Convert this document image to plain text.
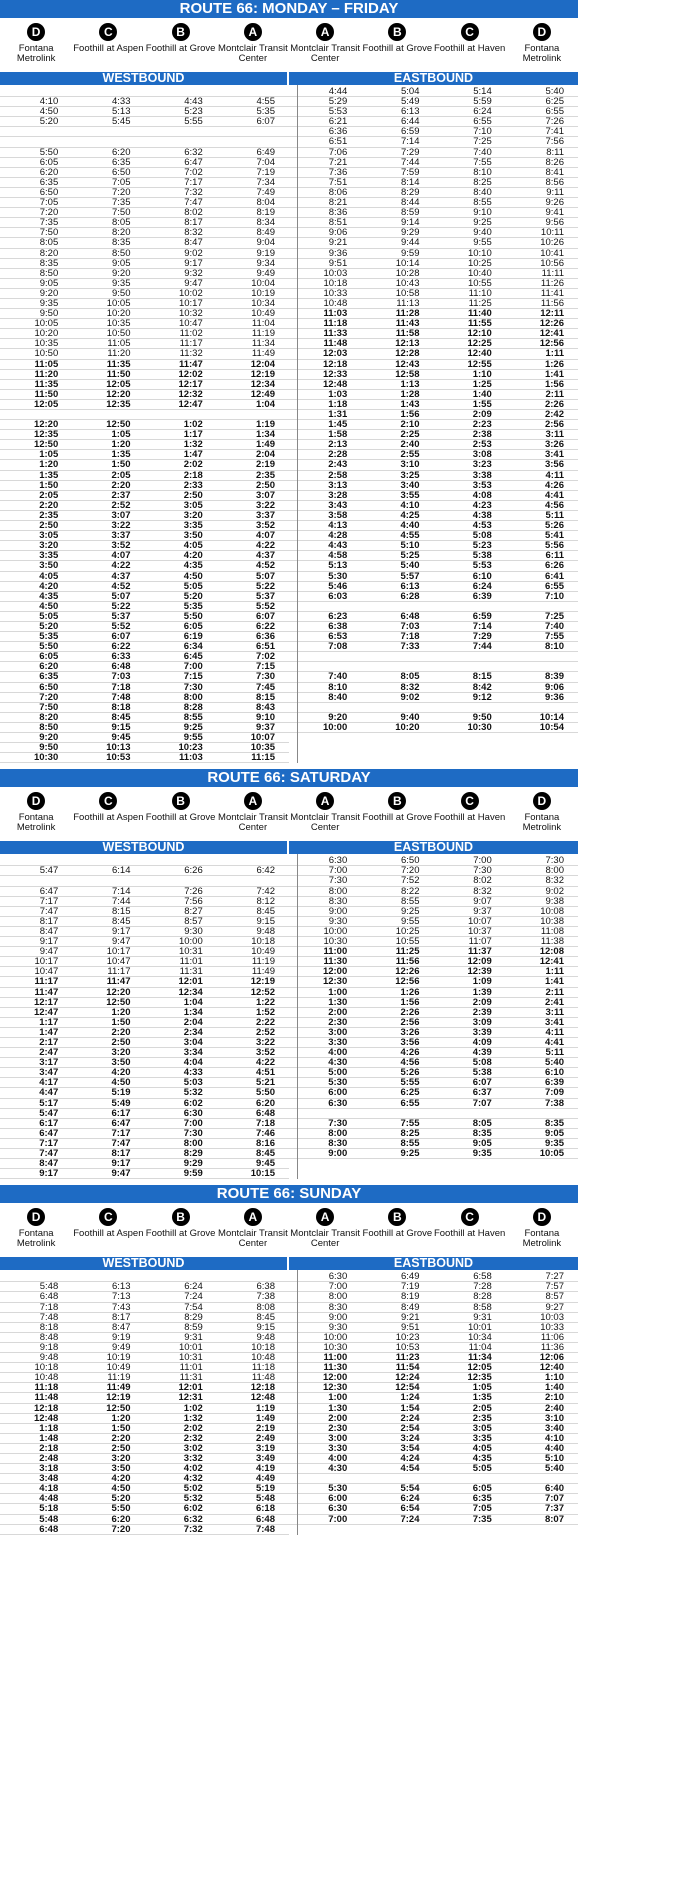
ROUTE 66: MONDAY – FRIDAY
D
Fontana Metrolink
C
Foothill at Aspen
B
Foothill at Grove
A
Montclair Transit Center
A
Montclair Transit Center
B
Foothill at Grove
C
Foothill at Haven
D
Fontana Metrolink
WESTBOUND	EASTBOUND
4:10	4:33	4:43	4:55
4:50	5:13	5:23	5:35
5:20	5:45	5:55	6:07
5:50	6:20	6:32	6:49
6:05	6:35	6:47	7:04
6:20	6:50	7:02	7:19
6:35	7:05	7:17	7:34
6:50	7:20	7:32	7:49
7:05	7:35	7:47	8:04
7:20	7:50	8:02	8:19
7:35	8:05	8:17	8:34
7:50	8:20	8:32	8:49
8:05	8:35	8:47	9:04
8:20	8:50	9:02	9:19
8:35	9:05	9:17	9:34
8:50	9:20	9:32	9:49
9:05	9:35	9:47	10:04
9:20	9:50	10:02	10:19
9:35	10:05	10:17	10:34
9:50	10:20	10:32	10:49
10:05	10:35	10:47	11:04
10:20	10:50	11:02	11:19
10:35	11:05	11:17	11:34
10:50	11:20	11:32	11:49
11:05	11:35	11:47	12:04
11:20	11:50	12:02	12:19
11:35	12:05	12:17	12:34
11:50	12:20	12:32	12:49
12:05	12:35	12:47	1:04
12:20	12:50	1:02	1:19
12:35	1:05	1:17	1:34
12:50	1:20	1:32	1:49
1:05	1:35	1:47	2:04
1:20	1:50	2:02	2:19
1:35	2:05	2:18	2:35
1:50	2:20	2:33	2:50
2:05	2:37	2:50	3:07
2:20	2:52	3:05	3:22
2:35	3:07	3:20	3:37
2:50	3:22	3:35	3:52
3:05	3:37	3:50	4:07
3:20	3:52	4:05	4:22
3:35	4:07	4:20	4:37
3:50	4:22	4:35	4:52
4:05	4:37	4:50	5:07
4:20	4:52	5:05	5:22
4:35	5:07	5:20	5:37
4:50	5:22	5:35	5:52
5:05	5:37	5:50	6:07
5:20	5:52	6:05	6:22
5:35	6:07	6:19	6:36
5:50	6:22	6:34	6:51
6:05	6:33	6:45	7:02
6:20	6:48	7:00	7:15
6:35	7:03	7:15	7:30
6:50	7:18	7:30	7:45
7:20	7:48	8:00	8:15
7:50	8:18	8:28	8:43
8:20	8:45	8:55	9:10
8:50	9:15	9:25	9:37
9:20	9:45	9:55	10:07
9:50	10:13	10:23	10:35
10:30	10:53	11:03	11:15
4:44	5:04	5:14	5:40
5:29	5:49	5:59	6:25
5:53	6:13	6:24	6:55
6:21	6:44	6:55	7:26
6:36	6:59	7:10	7:41
6:51	7:14	7:25	7:56
7:06	7:29	7:40	8:11
7:21	7:44	7:55	8:26
7:36	7:59	8:10	8:41
7:51	8:14	8:25	8:56
8:06	8:29	8:40	9:11
8:21	8:44	8:55	9:26
8:36	8:59	9:10	9:41
8:51	9:14	9:25	9:56
9:06	9:29	9:40	10:11
9:21	9:44	9:55	10:26
9:36	9:59	10:10	10:41
9:51	10:14	10:25	10:56
10:03	10:28	10:40	11:11
10:18	10:43	10:55	11:26
10:33	10:58	11:10	11:41
10:48	11:13	11:25	11:56
11:03	11:28	11:40	12:11
11:18	11:43	11:55	12:26
11:33	11:58	12:10	12:41
11:48	12:13	12:25	12:56
12:03	12:28	12:40	1:11
12:18	12:43	12:55	1:26
12:33	12:58	1:10	1:41
12:48	1:13	1:25	1:56
1:03	1:28	1:40	2:11
1:18	1:43	1:55	2:26
1:31	1:56	2:09	2:42
1:45	2:10	2:23	2:56
1:58	2:25	2:38	3:11
2:13	2:40	2:53	3:26
2:28	2:55	3:08	3:41
2:43	3:10	3:23	3:56
2:58	3:25	3:38	4:11
3:13	3:40	3:53	4:26
3:28	3:55	4:08	4:41
3:43	4:10	4:23	4:56
3:58	4:25	4:38	5:11
4:13	4:40	4:53	5:26
4:28	4:55	5:08	5:41
4:43	5:10	5:23	5:56
4:58	5:25	5:38	6:11
5:13	5:40	5:53	6:26
5:30	5:57	6:10	6:41
5:46	6:13	6:24	6:55
6:03	6:28	6:39	7:10
6:23	6:48	6:59	7:25
6:38	7:03	7:14	7:40
6:53	7:18	7:29	7:55
7:08	7:33	7:44	8:10
7:40	8:05	8:15	8:39
8:10	8:32	8:42	9:06
8:40	9:02	9:12	9:36
9:20	9:40	9:50	10:14
10:00	10:20	10:30	10:54
ROUTE 66: SATURDAY
D
Fontana Metrolink
C
Foothill at Aspen
B
Foothill at Grove
A
Montclair Transit Center
A
Montclair Transit Center
B
Foothill at Grove
C
Foothill at Haven
D
Fontana Metrolink
WESTBOUND	EASTBOUND
5:47	6:14	6:26	6:42
6:47	7:14	7:26	7:42
7:17	7:44	7:56	8:12
7:47	8:15	8:27	8:45
8:17	8:45	8:57	9:15
8:47	9:17	9:30	9:48
9:17	9:47	10:00	10:18
9:47	10:17	10:31	10:49
10:17	10:47	11:01	11:19
10:47	11:17	11:31	11:49
11:17	11:47	12:01	12:19
11:47	12:20	12:34	12:52
12:17	12:50	1:04	1:22
12:47	1:20	1:34	1:52
1:17	1:50	2:04	2:22
1:47	2:20	2:34	2:52
2:17	2:50	3:04	3:22
2:47	3:20	3:34	3:52
3:17	3:50	4:04	4:22
3:47	4:20	4:33	4:51
4:17	4:50	5:03	5:21
4:47	5:19	5:32	5:50
5:17	5:49	6:02	6:20
5:47	6:17	6:30	6:48
6:17	6:47	7:00	7:18
6:47	7:17	7:30	7:46
7:17	7:47	8:00	8:16
7:47	8:17	8:29	8:45
8:47	9:17	9:29	9:45
9:17	9:47	9:59	10:15
6:30	6:50	7:00	7:30
7:00	7:20	7:30	8:00
7:30	7:52	8:02	8:32
8:00	8:22	8:32	9:02
8:30	8:55	9:07	9:38
9:00	9:25	9:37	10:08
9:30	9:55	10:07	10:38
10:00	10:25	10:37	11:08
10:30	10:55	11:07	11:38
11:00	11:25	11:37	12:08
11:30	11:56	12:09	12:41
12:00	12:26	12:39	1:11
12:30	12:56	1:09	1:41
1:00	1:26	1:39	2:11
1:30	1:56	2:09	2:41
2:00	2:26	2:39	3:11
2:30	2:56	3:09	3:41
3:00	3:26	3:39	4:11
3:30	3:56	4:09	4:41
4:00	4:26	4:39	5:11
4:30	4:56	5:08	5:40
5:00	5:26	5:38	6:10
5:30	5:55	6:07	6:39
6:00	6:25	6:37	7:09
6:30	6:55	7:07	7:38
7:30	7:55	8:05	8:35
8:00	8:25	8:35	9:05
8:30	8:55	9:05	9:35
9:00	9:25	9:35	10:05
ROUTE 66: SUNDAY
D
Fontana Metrolink
C
Foothill at Aspen
B
Foothill at Grove
A
Montclair Transit Center
A
Montclair Transit Center
B
Foothill at Grove
C
Foothill at Haven
D
Fontana Metrolink
WESTBOUND	EASTBOUND
5:48	6:13	6:24	6:38
6:48	7:13	7:24	7:38
7:18	7:43	7:54	8:08
7:48	8:17	8:29	8:45
8:18	8:47	8:59	9:15
8:48	9:19	9:31	9:48
9:18	9:49	10:01	10:18
9:48	10:19	10:31	10:48
10:18	10:49	11:01	11:18
10:48	11:19	11:31	11:48
11:18	11:49	12:01	12:18
11:48	12:19	12:31	12:48
12:18	12:50	1:02	1:19
12:48	1:20	1:32	1:49
1:18	1:50	2:02	2:19
1:48	2:20	2:32	2:49
2:18	2:50	3:02	3:19
2:48	3:20	3:32	3:49
3:18	3:50	4:02	4:19
3:48	4:20	4:32	4:49
4:18	4:50	5:02	5:19
4:48	5:20	5:32	5:48
5:18	5:50	6:02	6:18
5:48	6:20	6:32	6:48
6:48	7:20	7:32	7:48
6:30	6:49	6:58	7:27
7:00	7:19	7:28	7:57
8:00	8:19	8:28	8:57
8:30	8:49	8:58	9:27
9:00	9:21	9:31	10:03
9:30	9:51	10:01	10:33
10:00	10:23	10:34	11:06
10:30	10:53	11:04	11:36
11:00	11:23	11:34	12:06
11:30	11:54	12:05	12:40
12:00	12:24	12:35	1:10
12:30	12:54	1:05	1:40
1:00	1:24	1:35	2:10
1:30	1:54	2:05	2:40
2:00	2:24	2:35	3:10
2:30	2:54	3:05	3:40
3:00	3:24	3:35	4:10
3:30	3:54	4:05	4:40
4:00	4:24	4:35	5:10
4:30	4:54	5:05	5:40
5:30	5:54	6:05	6:40
6:00	6:24	6:35	7:07
6:30	6:54	7:05	7:37
7:00	7:24	7:35	8:07
